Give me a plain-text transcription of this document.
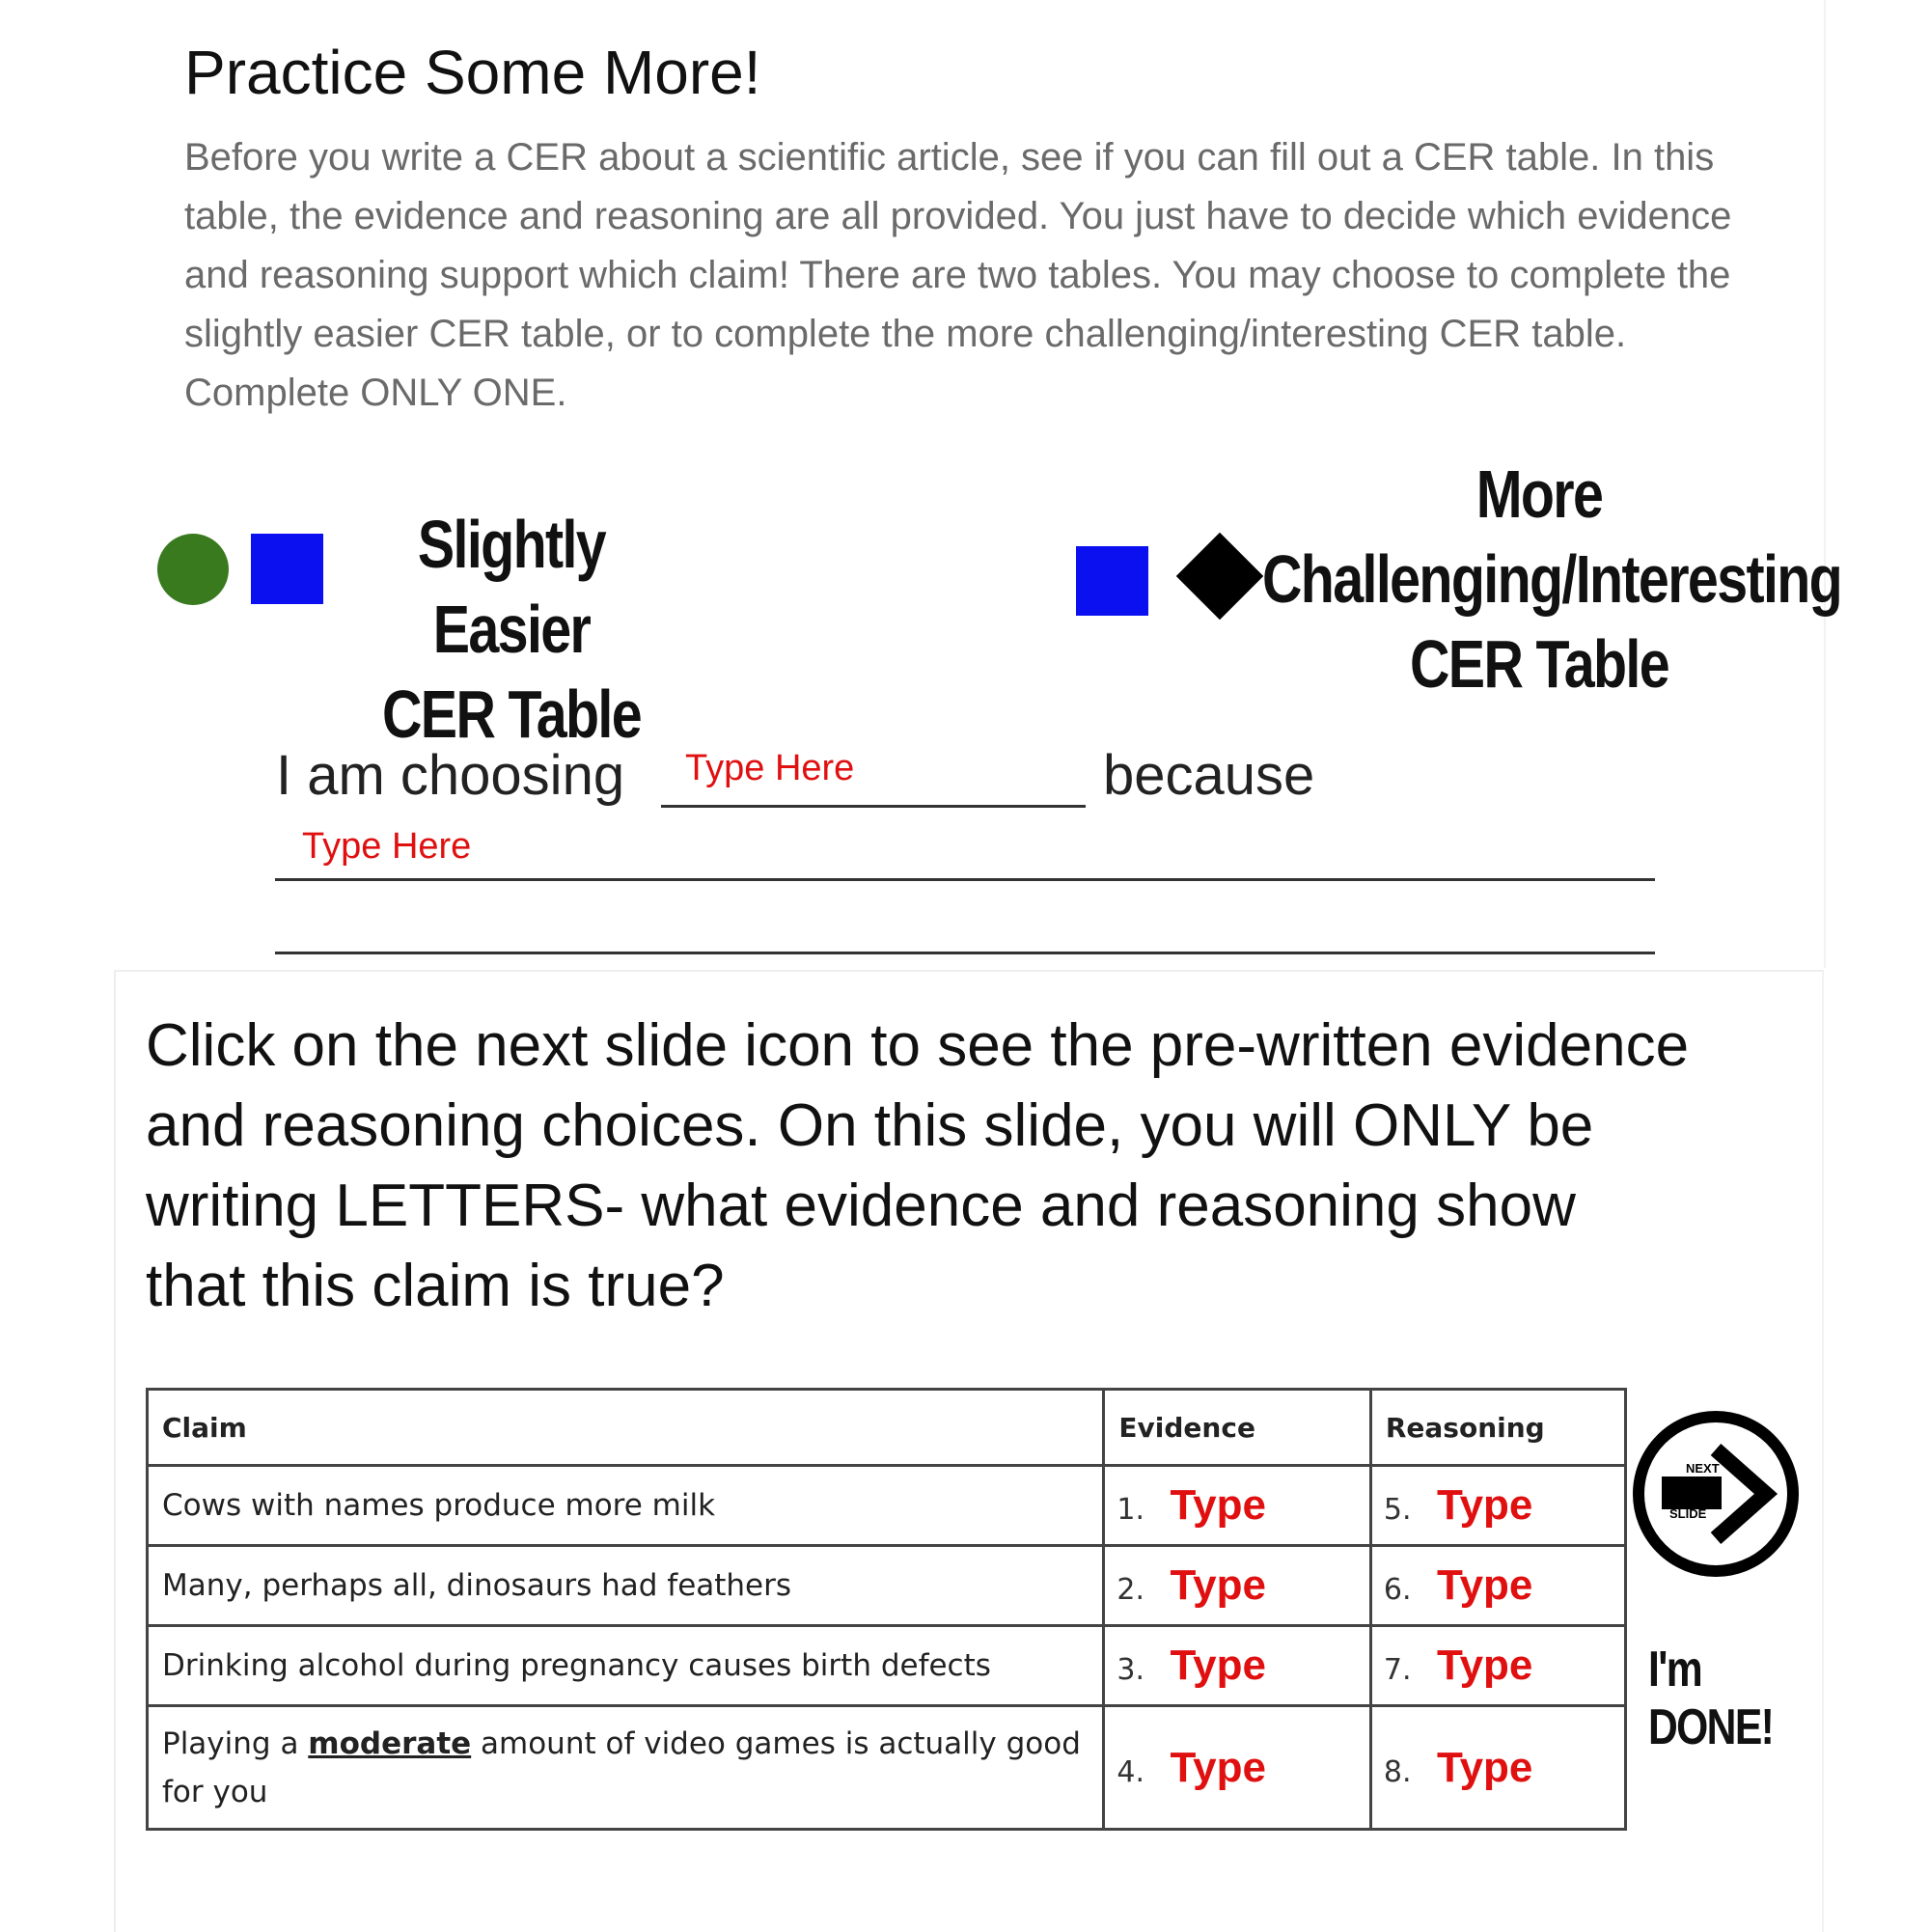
Practice Some More!
Before you write a CER about a scientific article, see if you can fill out a CER table. In this table, the evidence and reasoning are all provided. You just have to decide which evidence and reasoning support which claim! There are two tables. You may choose to complete the slightly easier CER table, or to complete the more challenging/interesting CER table. Complete ONLY ONE.
Slightly Easier
CER Table
More
Challenging/Interesting
CER Table
I am choosing Type Here	because
Type Here
Click on the next slide icon to see the pre-written evidence and reasoning choices. On this slide, you will ONLY be writing LETTERS- what evidence and reasoning show that this claim is true?
Claim	Evidence	Reasoning
Cows with names produce more milk	1. Type	5. Type
Many, perhaps all, dinosaurs had feathers	2. Type	6. Type
Drinking alcohol during pregnancy causes birth defects	3. Type	7. Type
Playing a moderate amount of video games is actually good for you	4. Type	8. Type
NEXT
SLIDE
I'm
DONE!
